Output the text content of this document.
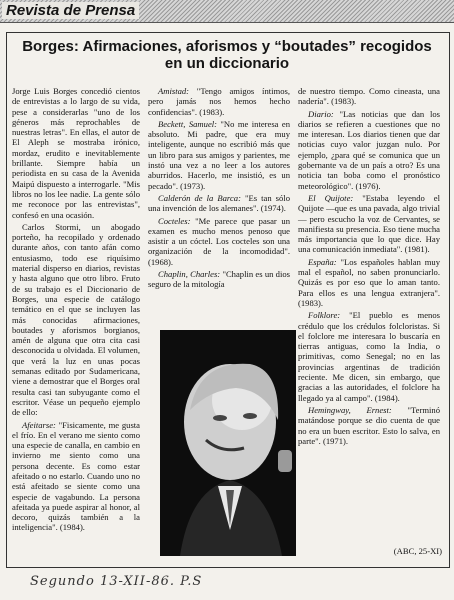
Revista de Prensa
Borges: Afirmaciones, aforismos y “boutades” recogidos en un diccionario

Jorge Luis Borges concedió cientos de entrevistas a lo largo de su vida, pese a considerarlas "uno de los géneros más reprochables de nuestras letras". En ellas, el autor de El Aleph se mostraba irónico, mordaz, erudito e inevitablemente brillante. Siempre había un periodista en su casa de la Avenida Maipú dispuesto a interrogarle. "Mis libros no los lee nadie. La gente sólo me reconoce por las entrevistas", confesó en una ocasión.

Carlos Stormi, un abogado porteño, ha recopilado y ordenado durante años, con tanto afán como entusiasmo, todo ese riquísimo material disperso en diarios, revistas y hasta alguno que otro libro. Fruto de su trabajo es el Diccionario de Borges, una especie de catálogo temático en el que se incluyen las más conocidas afirmaciones, boutades y aforismos borgianos, amén de alguna que otra cita casi desconocida u olvidada. El volumen, que verá la luz en unas pocas semanas editado por Sudamericana, viene a demostrar que el Borges oral resulta casi tan subyugante como el escritor. Véase un pequeño ejemplo de ello:

Afeitarse: "Fisicamente, me gusta el frío. En el verano me siento como una especie de canalla, en cambio en invierno me siento como una persona decente. Es como estar afeitado o no estarlo. Cuando uno no está afeitado se siente como una especie de vagabundo. La persona afeitada ya puede aspirar al honor, al decoro, quizás también a la inteligencia". (1984).

Amistad: "Tengo amigos íntimos, pero jamás nos hemos hecho confidencias". (1983).

Beckett, Samuel: "No me interesa en absoluto. Mi padre, que era muy inteligente, aunque no escribió más que un libro para sus amigos y parientes, me instó una vez a no leer a los autores aburridos. Hacerlo, me insistió, es un pecado". (1973).

Calderón de la Barca: "Es tan sólo una invención de los alemanes". (1974).

Cocteles: "Me parece que pasar un examen es mucho menos penoso que asistir a un cóctel. Los cocteles son una organización de la incomodidad". (1968).

Chaplin, Charles: "Chaplin es un dios seguro de la mitología

de nuestro tiempo. Como cineasta, una nadería". (1983).

Diario: "Las noticias que dan los diarios se refieren a cuestiones que no me interesan. Los diarios tienen que dar noticias cuyo valor juzgan nulo. Por ejemplo, ¿para qué se comunica que un gobernante va de un país a otro? Es una noticia tan boba como el pronóstico meteorológico". (1976).

El Quijote: "Estaba leyendo el Quijote —que es una pavada, algo trivial— pero escucho la voz de Cervantes, se manifiesta su presencia. Eso tiene mucha más importancia que lo que dice. Hay una comunicación inmediata". (1981).

España: "Los españoles hablan muy mal el español, no saben pronunciarlo. Quizás es por eso que lo aman tanto. Para ellos es una lengua extranjera". (1983).

Folklore: "El pueblo es menos crédulo que los crédulos folcloristas. Si el folclore me interesara lo buscaría en tierras antiguas, como la India, o primitivas, como Senegal; no en las provincias argentinas de tradición reciente. Me dicen, sin embargo, que gracias a las autoridades, el folclore ha llegado ya al campo". (1984).

Hemingway, Ernest: "Terminó matándose porque se dio cuenta de que no era un buen escritor. Esto lo salva, en parte". (1971).

(ABC, 25-XI)
Segundo 13-XII-86. P.S
